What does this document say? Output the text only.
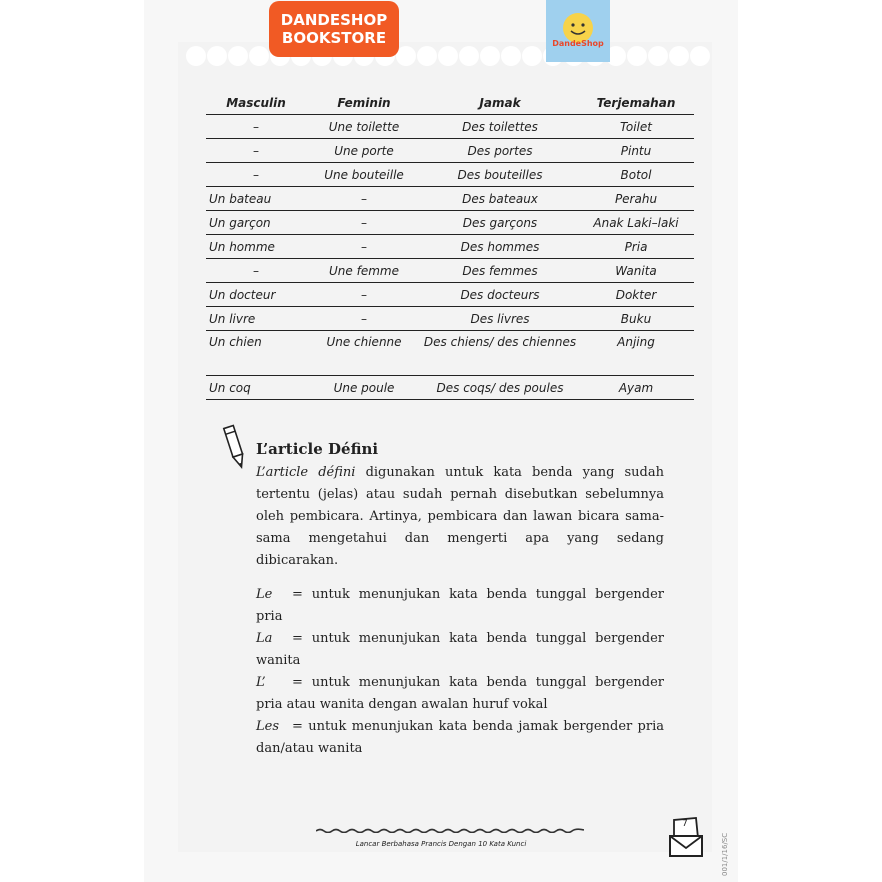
DANDESHOP
BOOKSTORE	DandeShop
Masculin	Feminin	Jamak	Terjemahan
–	Une toilette	Des toilettes	Toilet
–	Une porte	Des portes	Pintu
–	Une bouteille	Des bouteilles	Botol
Un bateau	–	Des bateaux	Perahu
Un garçon	–	Des garçons	Anak Laki–laki
Un homme	–	Des hommes	Pria
–	Une femme	Des femmes	Wanita
Un docteur	–	Des docteurs	Dokter
Un livre	–	Des livres	Buku
Un chien	Une chienne	Des chiens/ des chiennes	Anjing
Un coq	Une poule	Des coqs/ des poules	Ayam
L’article Défini

L’article défini digunakan untuk kata benda yang sudah tertentu (jelas) atau sudah pernah disebutkan sebelumnya oleh pembicara. Artinya, pembicara dan lawan bicara sama-sama mengetahui dan mengerti apa yang sedang dibicarakan.

Le = untuk menunjukan kata benda tunggal bergender pria

La = untuk menunjukan kata benda tunggal bergender wanita

L’ = untuk menunjukan kata benda tunggal bergender pria atau wanita dengan awalan huruf vokal

Les = untuk menunjukan kata benda jamak bergender pria dan/atau wanita

Lancar Berbahasa Prancis Dengan 10 Kata Kunci
7
001/1/16/SC
